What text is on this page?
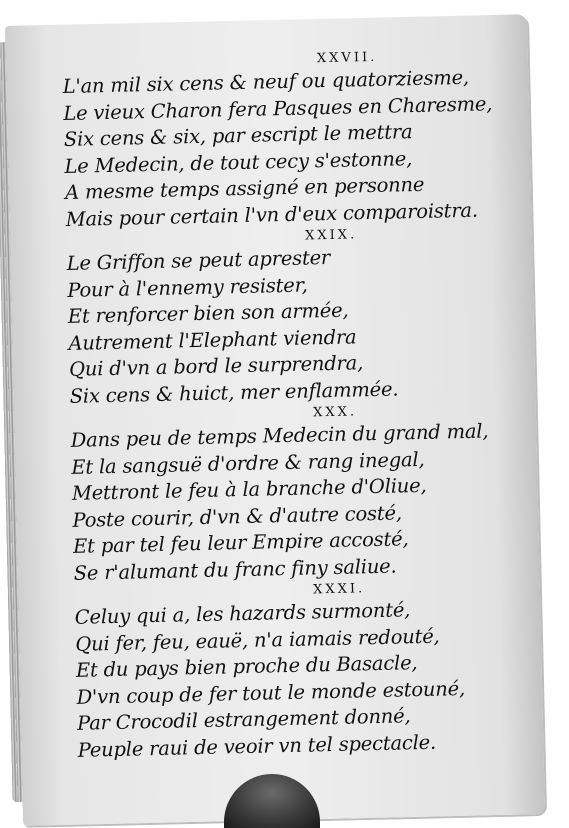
XXVII.
L'an mil six cens & neuf ou quatorziesme,
Le vieux Charon fera Pasques en Charesme,
Six cens & six, par escript le mettra
Le Medecin, de tout cecy s'estonne,
A mesme temps assigné en personne
Mais pour certain l'vn d'eux comparoistra.
XXIX.
Le Griffon se peut aprester
Pour à l'ennemy resister,
Et renforcer bien son armée,
Autrement l'Elephant viendra
Qui d'vn a bord le surprendra,
Six cens & huict, mer enflammée.
XXX.
Dans peu de temps Medecin du grand mal,
Et la sangsuë d'ordre & rang inegal,
Mettront le feu à la branche d'Oliue,
Poste courir, d'vn & d'autre costé,
Et par tel feu leur Empire accosté,
Se r'alumant du franc finy saliue.
XXXI.
Celuy qui a, les hazards surmonté,
Qui fer, feu, eauë, n'a iamais redouté,
Et du pays bien proche du Basacle,
D'vn coup de fer tout le monde estouné,
Par Crocodil estrangement donné,
Peuple raui de veoir vn tel spectacle.
